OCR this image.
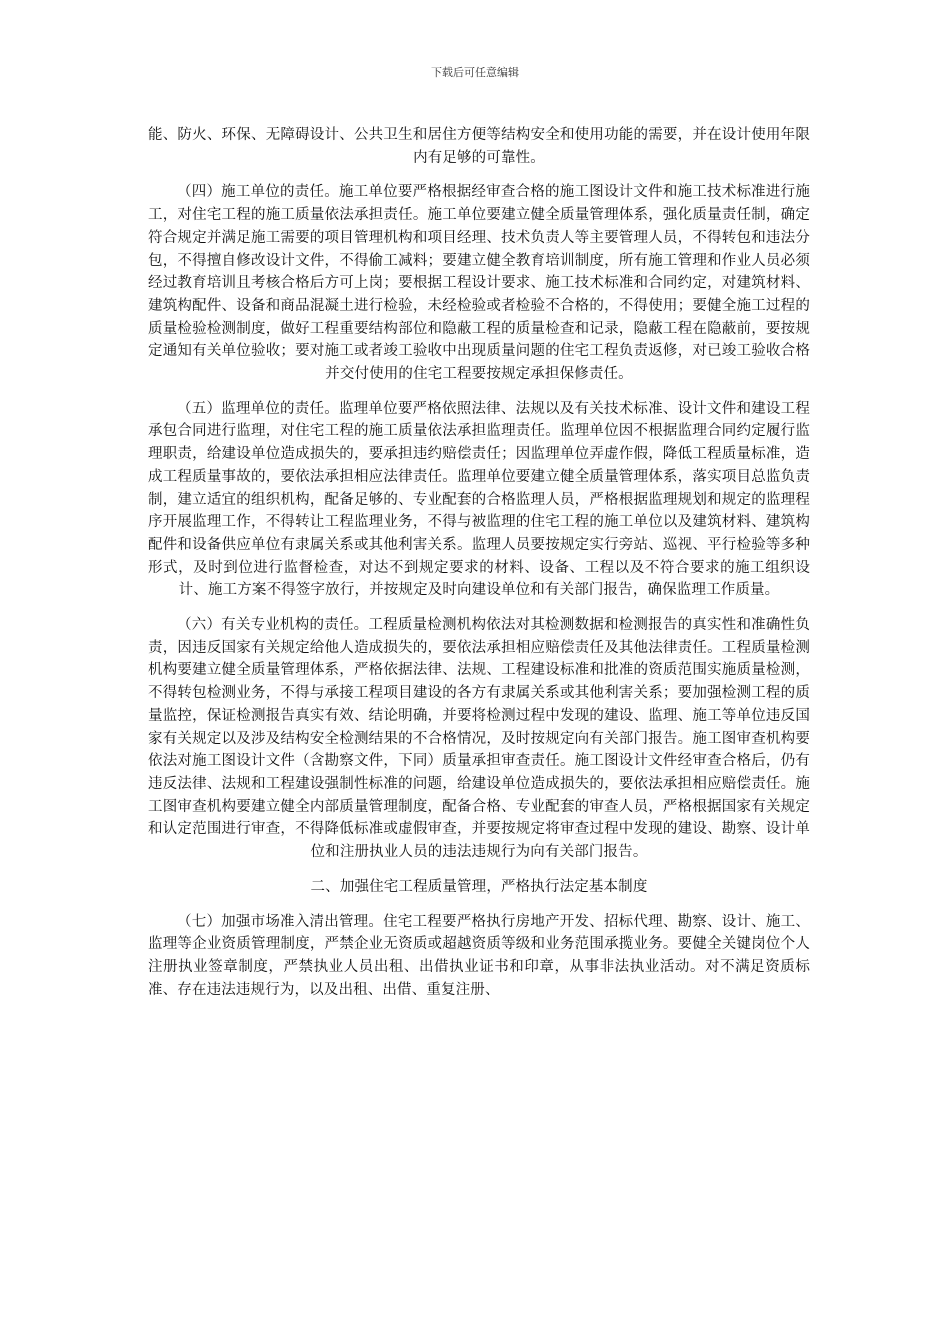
下载后可任意编辑

能、防火、环保、无障碍设计、公共卫生和居住方便等结构安全和使用功能的需要，并在设计使用年限内有足够的可靠性。

（四）施工单位的责任。施工单位要严格根据经审查合格的施工图设计文件和施工技术标准进行施工，对住宅工程的施工质量依法承担责任。施工单位要建立健全质量管理体系，强化质量责任制，确定符合规定并满足施工需要的项目管理机构和项目经理、技术负责人等主要管理人员，不得转包和违法分包，不得擅自修改设计文件，不得偷工减料；要建立健全教育培训制度，所有施工管理和作业人员必须经过教育培训且考核合格后方可上岗；要根据工程设计要求、施工技术标准和合同约定，对建筑材料、建筑构配件、设备和商品混凝土进行检验，未经检验或者检验不合格的，不得使用；要健全施工过程的质量检验检测制度，做好工程重要结构部位和隐蔽工程的质量检查和记录，隐蔽工程在隐蔽前，要按规定通知有关单位验收；要对施工或者竣工验收中出现质量问题的住宅工程负责返修，对已竣工验收合格并交付使用的住宅工程要按规定承担保修责任。

（五）监理单位的责任。监理单位要严格依照法律、法规以及有关技术标准、设计文件和建设工程承包合同进行监理，对住宅工程的施工质量依法承担监理责任。监理单位因不根据监理合同约定履行监理职责，给建设单位造成损失的，要承担违约赔偿责任；因监理单位弄虚作假，降低工程质量标准，造成工程质量事故的，要依法承担相应法律责任。监理单位要建立健全质量管理体系，落实项目总监负责制，建立适宜的组织机构，配备足够的、专业配套的合格监理人员，严格根据监理规划和规定的监理程序开展监理工作，不得转让工程监理业务，不得与被监理的住宅工程的施工单位以及建筑材料、建筑构配件和设备供应单位有隶属关系或其他利害关系。监理人员要按规定实行旁站、巡视、平行检验等多种形式，及时到位进行监督检查，对达不到规定要求的材料、设备、工程以及不符合要求的施工组织设计、施工方案不得签字放行，并按规定及时向建设单位和有关部门报告，确保监理工作质量。

（六）有关专业机构的责任。工程质量检测机构依法对其检测数据和检测报告的真实性和准确性负责，因违反国家有关规定给他人造成损失的，要依法承担相应赔偿责任及其他法律责任。工程质量检测机构要建立健全质量管理体系，严格依据法律、法规、工程建设标准和批准的资质范围实施质量检测，不得转包检测业务，不得与承接工程项目建设的各方有隶属关系或其他利害关系；要加强检测工程的质量监控，保证检测报告真实有效、结论明确，并要将检测过程中发现的建设、监理、施工等单位违反国家有关规定以及涉及结构安全检测结果的不合格情况，及时按规定向有关部门报告。施工图审查机构要依法对施工图设计文件（含勘察文件，下同）质量承担审查责任。施工图设计文件经审查合格后，仍有违反法律、法规和工程建设强制性标准的问题，给建设单位造成损失的，要依法承担相应赔偿责任。施工图审查机构要建立健全内部质量管理制度，配备合格、专业配套的审查人员，严格根据国家有关规定和认定范围进行审查，不得降低标准或虚假审查，并要按规定将审查过程中发现的建设、勘察、设计单位和注册执业人员的违法违规行为向有关部门报告。

二、加强住宅工程质量管理，严格执行法定基本制度

（七）加强市场准入清出管理。住宅工程要严格执行房地产开发、招标代理、勘察、设计、施工、监理等企业资质管理制度，严禁企业无资质或超越资质等级和业务范围承揽业务。要健全关键岗位个人注册执业签章制度，严禁执业人员出租、出借执业证书和印章，从事非法执业活动。对不满足资质标准、存在违法违规行为，以及出租、出借、重复注册、
